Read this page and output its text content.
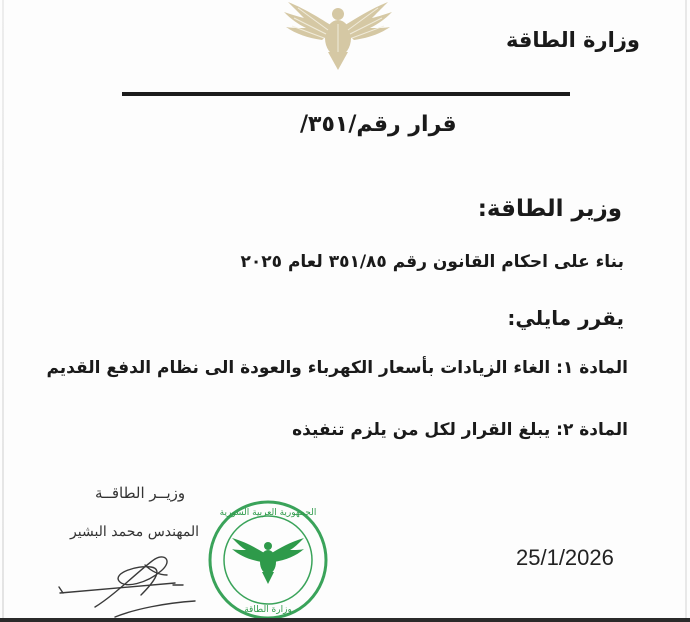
وزارة الطاقة
قرار رقم/٣٥١/
وزير الطاقة:
بناء على احكام القانون رقم ٣٥١/٨٥ لعام ٢٠٢٥
يقرر مايلي:
المادة ١: الغاء الزيادات بأسعار الكهرباء والعودة الى نظام الدفع القديم
المادة ٢: يبلغ القرار لكل من يلزم تنفيذه
وزيــر الطاقــة
المهندس محمد البشير
الجمهورية العربية السورية
وزارة الطاقة
25/1/2026
